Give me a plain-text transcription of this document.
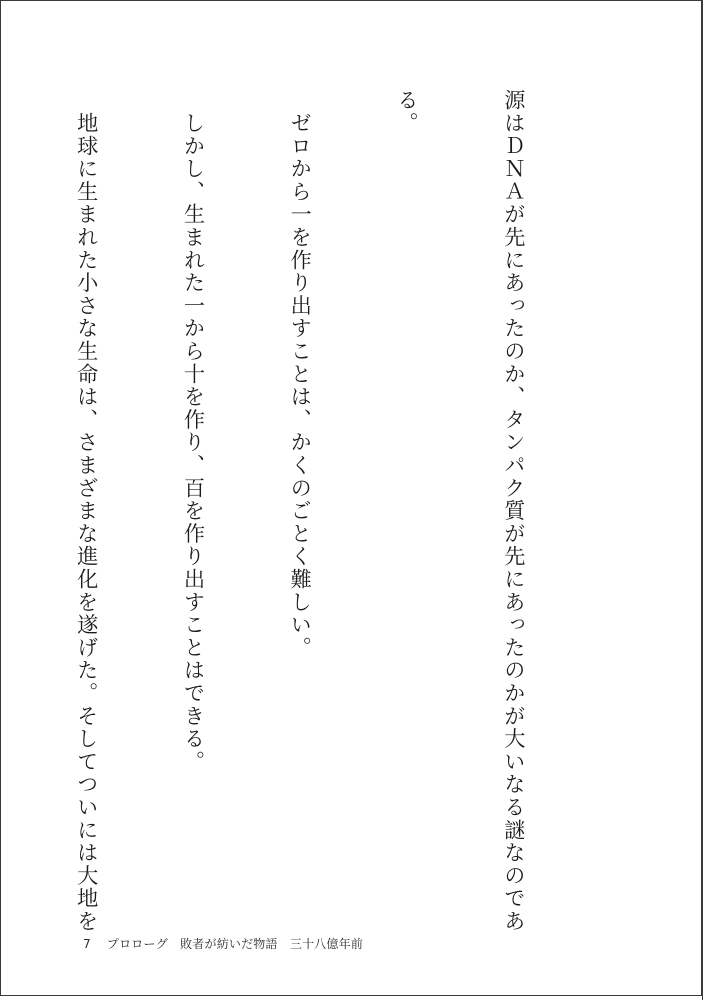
源はＤＮＡが先にあったのか、タンパク質が先にあったのかが大いなる謎なのであ

る。

　ゼロから一を作り出すことは、かくのごとく難しい。

　しかし、生まれた一から十を作り、百を作り出すことはできる。

　地球に生まれた小さな生命は、さまざまな進化を遂げた。そしてついには大地を

7 プロローグ　敗者が紡いだ物語　三十八億年前
